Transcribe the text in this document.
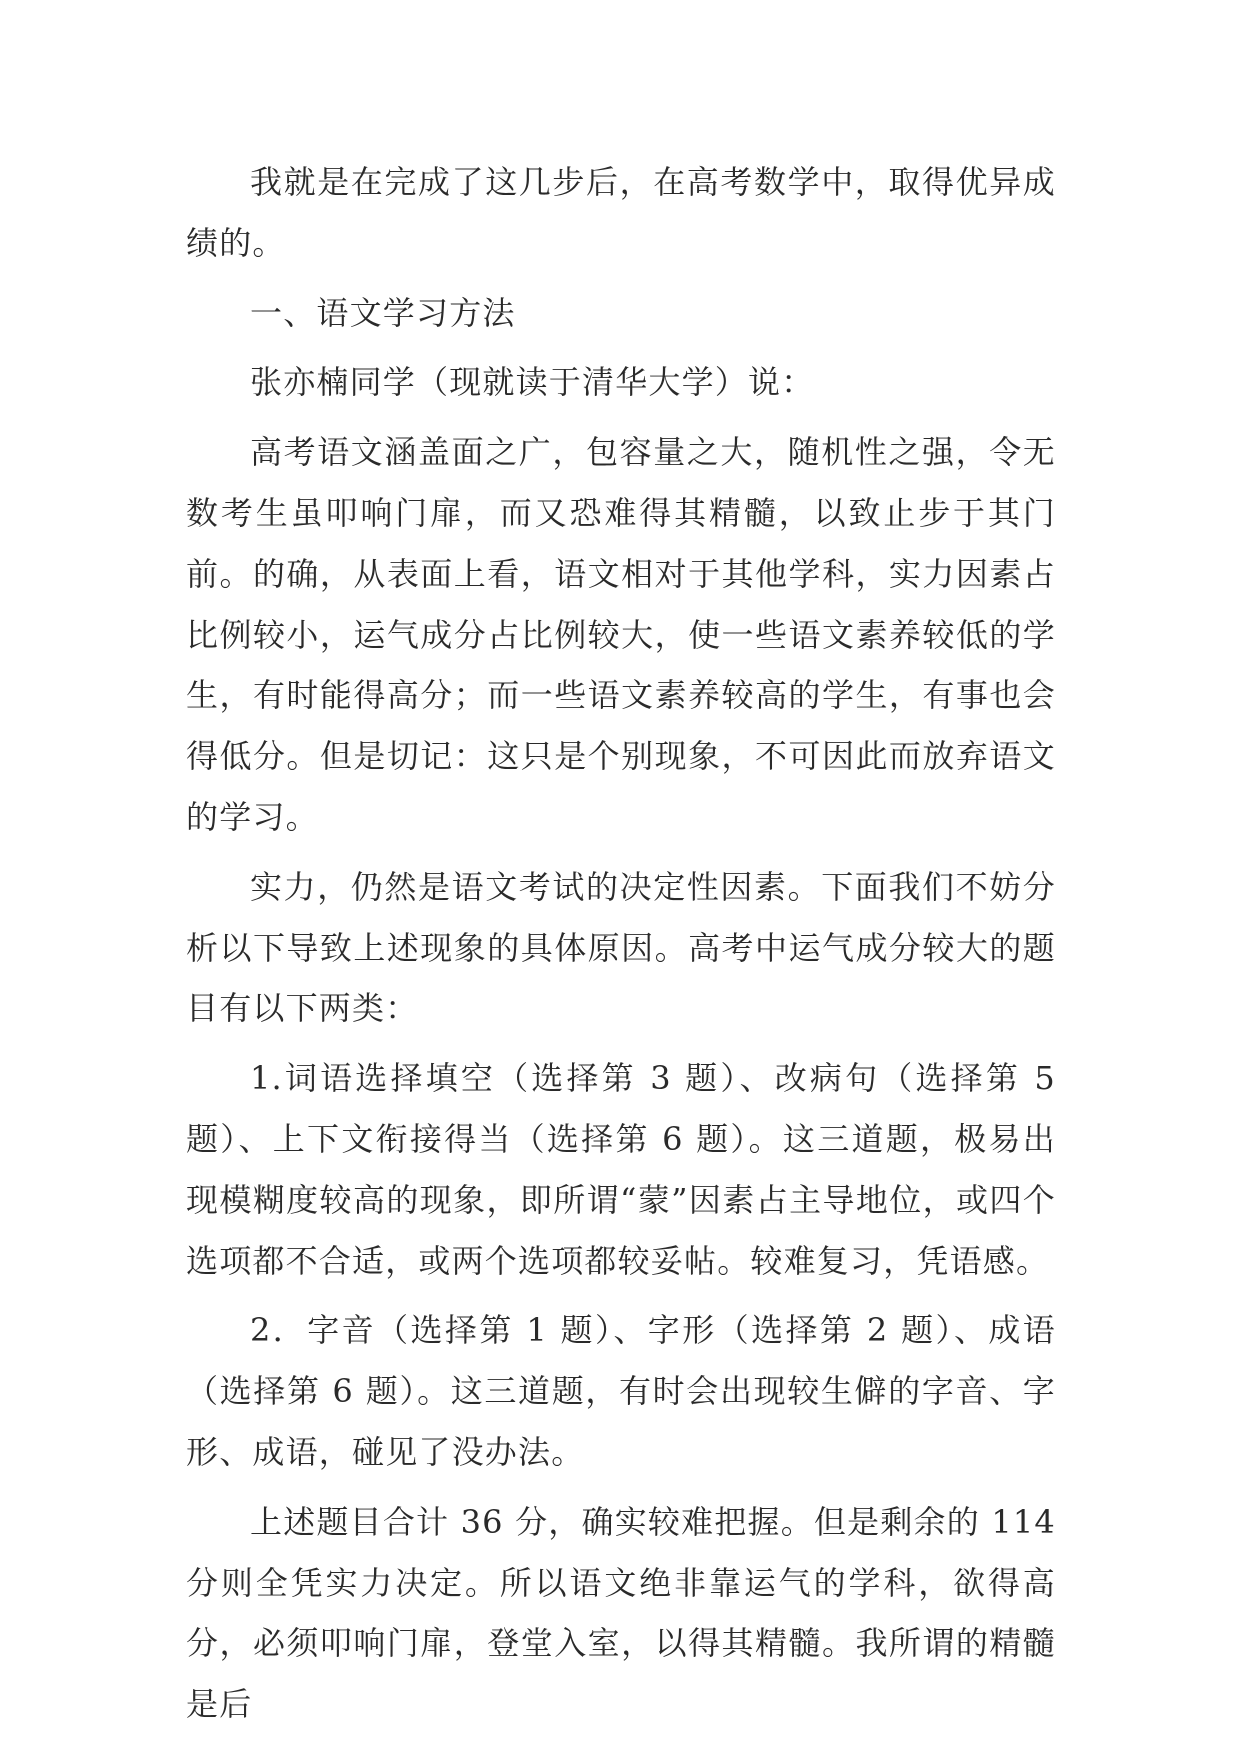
我就是在完成了这几步后，在高考数学中，取得优异成绩的。

一、语文学习方法

张亦楠同学（现就读于清华大学）说：

高考语文涵盖面之广，包容量之大，随机性之强，令无数考生虽叩响门扉，而又恐难得其精髓，以致止步于其门前。的确，从表面上看，语文相对于其他学科，实力因素占比例较小，运气成分占比例较大，使一些语文素养较低的学生，有时能得高分；而一些语文素养较高的学生，有事也会得低分。但是切记：这只是个别现象，不可因此而放弃语文的学习。

实力，仍然是语文考试的决定性因素。下面我们不妨分析以下导致上述现象的具体原因。高考中运气成分较大的题目有以下两类：

1.词语选择填空（选择第 3 题）、改病句（选择第 5 题）、上下文衔接得当（选择第 6 题）。这三道题，极易出现模糊度较高的现象，即所谓“蒙”因素占主导地位，或四个选项都不合适，或两个选项都较妥帖。较难复习，凭语感。

2．字音（选择第 1 题）、字形（选择第 2 题）、成语（选择第 6 题）。这三道题，有时会出现较生僻的字音、字形、成语，碰见了没办法。

上述题目合计 36 分，确实较难把握。但是剩余的 114 分则全凭实力决定。所以语文绝非靠运气的学科，欲得高分，必须叩响门扉，登堂入室，以得其精髓。我所谓的精髓是后
